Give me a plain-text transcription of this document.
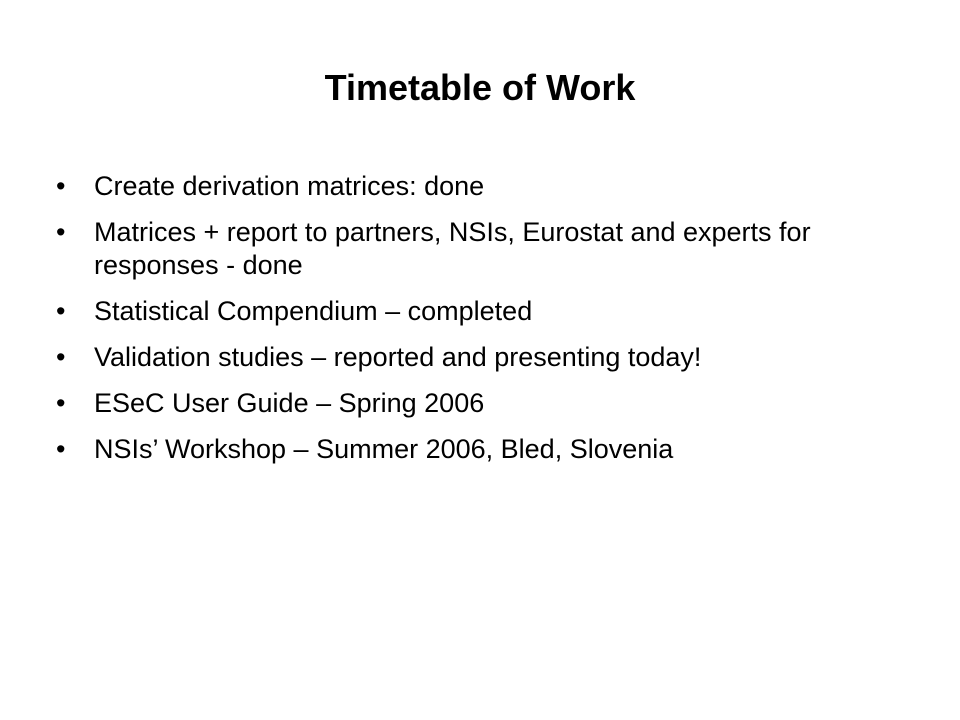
Timetable of Work
• Create derivation matrices: done
• Matrices + report to partners, NSIs, Eurostat and experts for responses - done
• Statistical Compendium – completed
• Validation studies – reported and presenting today!
• ESeC User Guide – Spring 2006
• NSIs’ Workshop – Summer 2006, Bled, Slovenia
